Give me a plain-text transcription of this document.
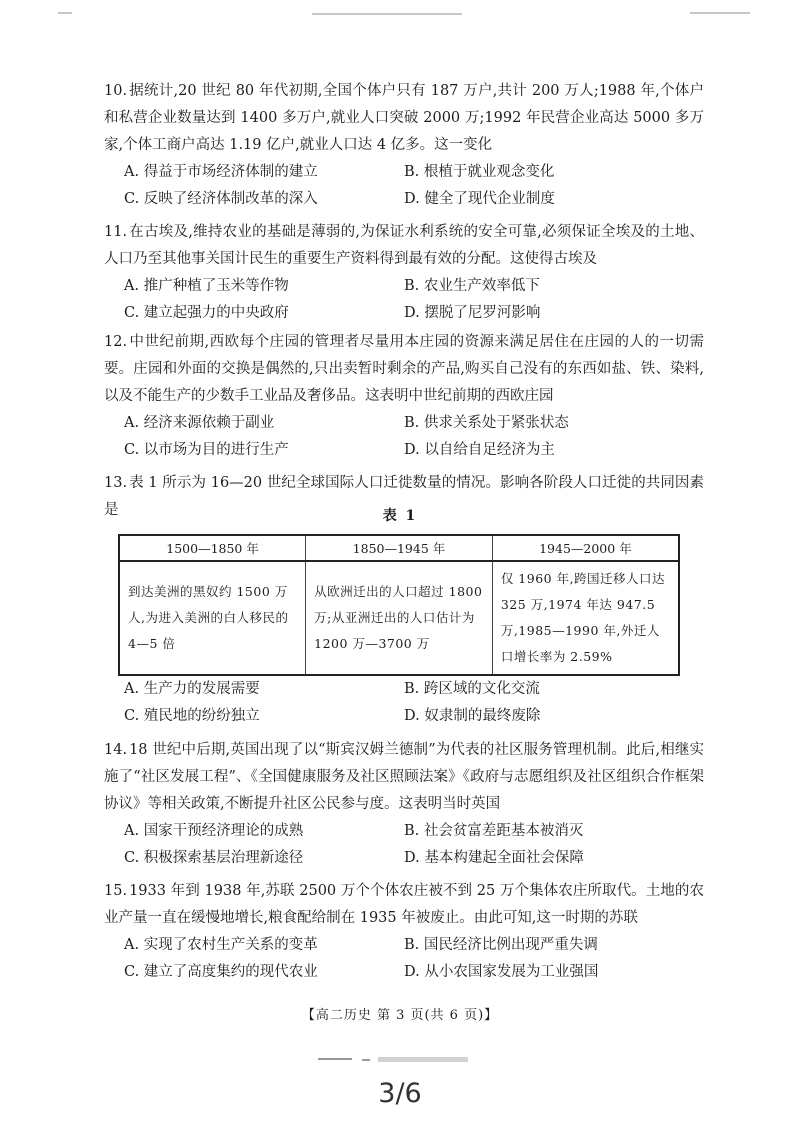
10. 据统计,20 世纪 80 年代初期,全国个体户只有 187 万户,共计 200 万人;1988 年,个体户和私营企业数量达到 1400 多万户,就业人口突破 2000 万;1992 年民营企业高达 5000 多万家,个体工商户高达 1.19 亿户,就业人口达 4 亿多。这一变化
A. 得益于市场经济体制的建立	B. 根植于就业观念变化
C. 反映了经济体制改革的深入	D. 健全了现代企业制度
11. 在古埃及,维持农业的基础是薄弱的,为保证水利系统的安全可靠,必须保证全埃及的土地、人口乃至其他事关国计民生的重要生产资料得到最有效的分配。这使得古埃及
A. 推广种植了玉米等作物	B. 农业生产效率低下
C. 建立起强力的中央政府	D. 摆脱了尼罗河影响
12. 中世纪前期,西欧每个庄园的管理者尽量用本庄园的资源来满足居住在庄园的人的一切需要。庄园和外面的交换是偶然的,只出卖暂时剩余的产品,购买自己没有的东西如盐、铁、染料,以及不能生产的少数手工业品及奢侈品。这表明中世纪前期的西欧庄园
A. 经济来源依赖于副业	B. 供求关系处于紧张状态
C. 以市场为目的进行生产	D. 以自给自足经济为主
13. 表 1 所示为 16—20 世纪全球国际人口迁徙数量的情况。影响各阶段人口迁徙的共同因素是	表 1
1500—1850 年	1850—1945 年	1945—2000 年
到达美洲的黑奴约 1500 万人,为进入美洲的白人移民的 4—5 倍	从欧洲迁出的人口超过 1800 万;从亚洲迁出的人口估计为 1200 万—3700 万	仅 1960 年,跨国迁移人口达 325 万,1974 年达 947.5 万,1985—1990 年,外迁人口增长率为 2.59%
A. 生产力的发展需要	B. 跨区域的文化交流
C. 殖民地的纷纷独立	D. 奴隶制的最终废除
14. 18 世纪中后期,英国出现了以“斯宾汉姆兰德制”为代表的社区服务管理机制。此后,相继实施了“社区发展工程”、《全国健康服务及社区照顾法案》《政府与志愿组织及社区组织合作框架协议》等相关政策,不断提升社区公民参与度。这表明当时英国
A. 国家干预经济理论的成熟	B. 社会贫富差距基本被消灭
C. 积极探索基层治理新途径	D. 基本构建起全面社会保障
15. 1933 年到 1938 年,苏联 2500 万个个体农庄被不到 25 万个集体农庄所取代。土地的农业产量一直在缓慢地增长,粮食配给制在 1935 年被废止。由此可知,这一时期的苏联
A. 实现了农村生产关系的变革	B. 国民经济比例出现严重失调
C. 建立了高度集约的现代农业	D. 从小农国家发展为工业强国
【高二历史 第 3 页(共 6 页)】
3/6
